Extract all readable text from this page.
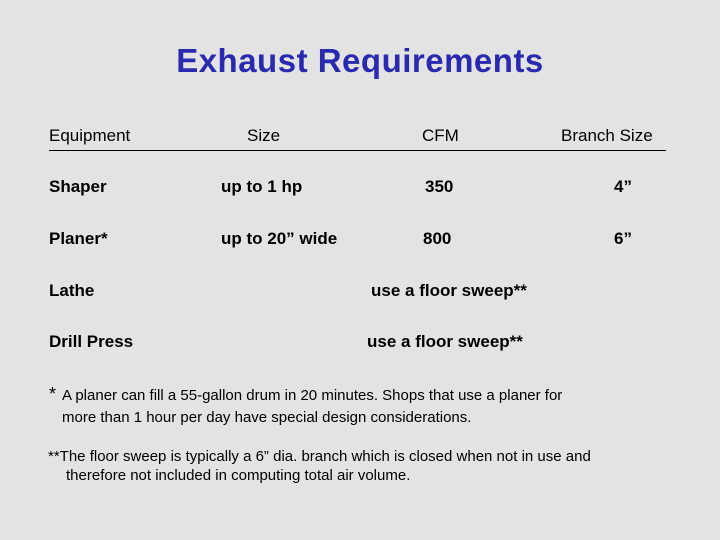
Exhaust Requirements
Equipment	Size	CFM	Branch Size
Shaper	up to 1 hp	350	4”
Planer*	up to 20” wide	800	6”
Lathe	use a floor sweep**
Drill Press	use a floor sweep**
* A planer can fill a 55-gallon drum in 20 minutes. Shops that use a planer for
more than 1 hour per day have special design considerations.
**The floor sweep is typically a 6” dia. branch which is closed when not in use and
therefore not included in computing total air volume.
